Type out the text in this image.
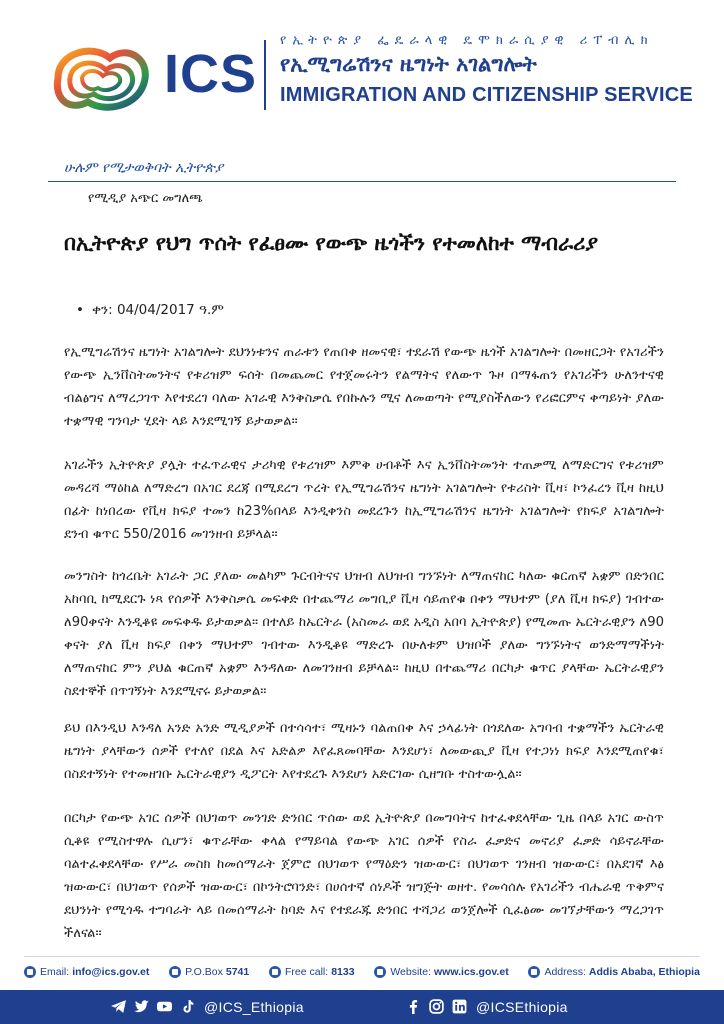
ICS
የኢትዮጵያ ፌዴራላዊ ዴሞክራሲያዊ ሪፐብሊክ
የኢሚግሬሽንና ዜግነት አገልግሎት
IMMIGRATION AND CITIZENSHIP SERVICE
ሁሉም የሚታወቅባት ኢትዮጵያ
የሚዲያ አጭር መግለጫ
በኢትዮጵያ የህግ ጥሰት የፈፀሙ የውጭ ዜጎችን የተመለከተ ማብራሪያ
• ቀን: 04/04/2017 ዓ.ም
የኢሚግሬሽንና ዜግነት አገልግሎት ደህንነቱንና ጠራቱን የጠበቀ ዘመናዊ፣ ተደራሽ የውጭ ዜጎች አገልግሎት በመዘርጋት የአገሪችን የውጭ ኢንቨስትመንትና የቱሪዝም ፍሰት በመጨመር የተጀመሩትን የልማትና የለውጥ ጉዞ በማፋጠን የአገሪችን ሁለንተናዊ ብልፅግና ለማረጋገጥ እየተደረገ ባለው አገራዊ እንቅስቃሴ የበኩሉን ሚና ለመወጣት የሚያስችለውን የሪፎርምና ቀጣይነት ያለው ተቋማዊ ግንባታ ሂደት ላይ እንደሚገኝ ይታወቃል።
አገራችን ኢትዮጵያ ያሏት ተፈጥራዊና ታሪካዊ የቱሪዝም እምቅ ሀብቶች እና ኢንቨስትመንት ተጠቃሚ ለማድርግና የቱሪዝም መዳረሻ ማዕከል ለማድረግ በአገር ደረጃ በሚደረግ ጥረት የኢሚግሬሽንና ዜግነት አገልግሎት የቱሪስት ቪዛ፣ ኮንፈረን ቪዛ ከዚህ በፊት ከነበረው የቪዛ ክፍያ ተመን ከ23%በላይ እንዲቀንስ መደረጉን ከኢሚግሬሽንና ዜግነት አገልግሎት የክፍያ አገልግሎት ደንብ ቁጥር 550/2016 መገንዘብ ይቻላል።
መንግስት ከጎረቤት አገራት ጋር ያለው መልካም ጉርብትናና ህዝብ ለህዝብ ግንኙነት ለማጠናከር ካለው ቁርጠኛ አቋም በድንበር አከባቢ ከሚደርጉ ነጻ የሰዎች እንቅስቃሴ መፍቀድ በተጨማሪ መግቢያ ቪዛ ሳይጠየቁ በቀን ማህተም (ያለ ቪዛ ክፍያ) ገብተው ለ90ቀናት እንዲቆዩ መፍቀዱ ይታወቃል። በተለይ ከኤርትራ (አስመራ ወደ አዲስ አበባ ኢትዮጵያ) የሚመጡ ኤርትራዊያን ለ90 ቀናት ያለ ቪዛ ክፍያ በቀን ማህተም ገብተው እንዲቆዩ ማድረጉ በሁለቱም ህዝቦች ያለው ግንኙነትና ወንድማማችነት ለማጠናከር ምን ያህል ቁርጠኛ አቋም እንዳለው ለመገንዘብ ይቻላል። ከዚህ በተጨማሪ በርካታ ቁጥር ያላቸው ኤርትራዊያን ስደተኞች በጥገኝነት እንደሚኖሩ ይታወቃል።
ይህ በእንዲህ እንዳለ አንድ አንድ ሚዲያዎች በተሳሳተ፣ ሚዛኑን ባልጠበቀ እና ኃላፊነት በጎደለው አግባብ ተቋማችን ኤርትራዊ ዜግነት ያላቸውን ሰዎች የተለየ በደል እና አድልዎ እየፈጸመባቸው እንደሆነ፣ ለመውጪያ ቪዛ የተጋነነ ክፍያ እንደሚጠየቁ፣ በስደተኝነት የተመዘገቡ ኤርትራዊያን ዲፖርት እየተደረጉ እንደሆነ አድርገው ሲዘግቡ ተስተውሏል።
በርካታ የውጭ አገር ሰዎች በህገወጥ መንገድ ድንበር ጥሰው ወደ ኢትዮጵያ በመግባትና ከተፈቀደላቸው ጊዜ በላይ አገር ውስጥ ሲቆዩ የሚስተዋሉ ሲሆን፣ ቁጥራቸው ቀላል የማይባል የውጭ አገር ሰዎች የስራ ፈቃድና መኖሪያ ፈቃድ ሳይኖራቸው ባልተፈቀደላቸው የሥራ መስክ ከመሰማራት ጀምሮ በህገወጥ የማዕድን ዝውውር፣ በህገወጥ ገንዘብ ዝውውር፣ በአደገኛ እፅ ዝውውር፣ በህገወጥ የሰዎች ዝውውር፣ በኮንትሮባንድ፣ በሀሰተኛ ሰነዶች ዝግጅት ወዘተ. የመሳሰሉ የአገሪችን ብሔራዊ ጥቅምና ደህንነት የሚጎዱ ተግባራት ላይ በመሰማራት ከባድ እና የተደራጁ ድንበር ተሻጋሪ ወንጀሎች ሲፈፅሙ መገኘታቸውን ማረጋገጥ ችለናል።
Email: info@ics.gov.et	P.O.Box 5741	Free call: 8133	Website: www.ics.gov.et	Address: Addis Ababa, Ethiopia
@ICS_Ethiopia	@ICSEthiopia
